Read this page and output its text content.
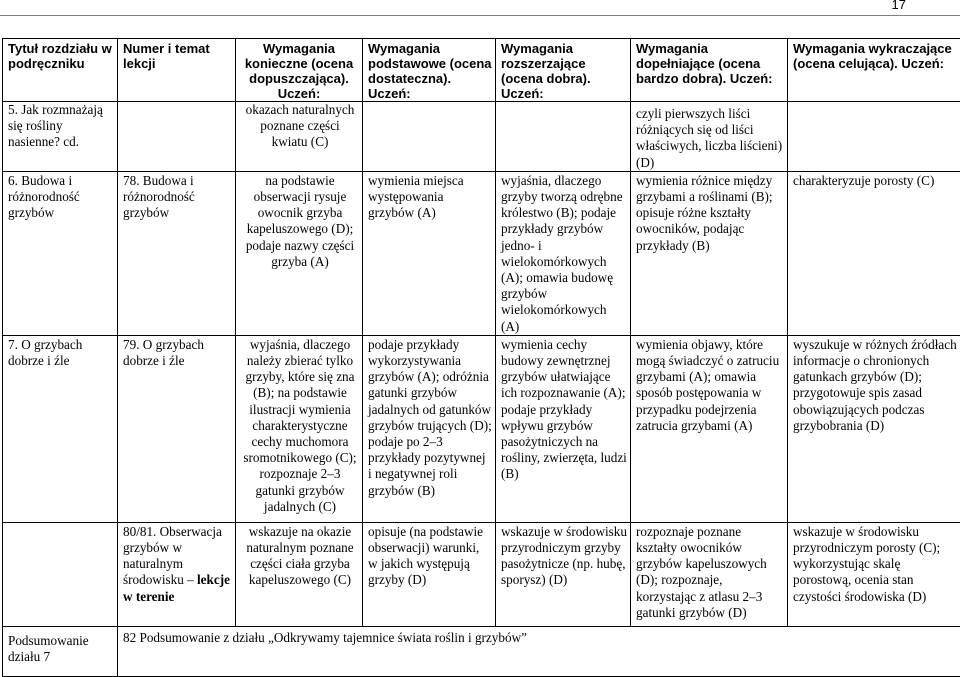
17
Tytuł rozdziału w podręczniku	Numer i temat lekcji	Wymagania konieczne (ocena dopuszczająca). Uczeń:	Wymagania podstawowe (ocena dostateczna). Uczeń:	Wymagania rozszerzające (ocena dobra). Uczeń:	Wymagania dopełniające (ocena bardzo dobra). Uczeń:	Wymagania wykraczające (ocena celująca). Uczeń:
5. Jak rozmnażają się rośliny nasienne? cd.		okazach naturalnych poznane części kwiatu (C)			czyli pierwszych liści różniących się od liści właściwych, liczba liścieni) (D)	
6. Budowa i różnorodność grzybów	78. Budowa i różnorodność grzybów	na podstawie obserwacji rysuje owocnik grzyba kapeluszowego (D); podaje nazwy części grzyba (A)	wymienia miejsca występowania grzybów (A)	wyjaśnia, dlaczego grzyby tworzą odrębne królestwo (B); podaje przykłady grzybów jedno- i wielokomórkowych (A); omawia budowę grzybów wielokomórkowych (A)	wymienia różnice między grzybami a roślinami (B); opisuje różne kształty owocników, podając przykłady (B)	charakteryzuje porosty (C)
7. O grzybach dobrze i źle	79. O grzybach dobrze i źle	wyjaśnia, dlaczego należy zbierać tylko grzyby, które się zna (B); na podstawie ilustracji wymienia charakterystyczne cechy muchomora sromotnikowego (C); rozpoznaje 2–3 gatunki grzybów jadalnych (C)	podaje przykłady wykorzystywania grzybów (A); odróżnia gatunki grzybów jadalnych od gatunków grzybów trujących (D); podaje po 2–3 przykłady pozytywnej i negatywnej roli grzybów (B)	wymienia cechy budowy zewnętrznej grzybów ułatwiające ich rozpoznawanie (A); podaje przykłady wpływu grzybów pasożytniczych na rośliny, zwierzęta, ludzi (B)	wymienia objawy, które mogą świadczyć o zatruciu grzybami (A); omawia sposób postępowania w przypadku podejrzenia zatrucia grzybami (A)	wyszukuje w różnych źródłach informacje o chronionych gatunkach grzybów (D); przygotowuje spis zasad obowiązujących podczas grzybobrania (D)
	80/81. Obserwacja grzybów w naturalnym środowisku – lekcje w terenie	wskazuje na okazie naturalnym poznane części ciała grzyba kapeluszowego (C)	opisuje (na podstawie obserwacji) warunki, w jakich występują grzyby (D)	wskazuje w środowisku przyrodniczym grzyby pasożytnicze (np. hubę, sporysz) (D)	rozpoznaje poznane kształty owocników grzybów kapeluszowych (D); rozpoznaje, korzystając z atlasu 2–3 gatunki grzybów (D)	wskazuje w środowisku przyrodniczym porosty (C); wykorzystując skalę porostową, ocenia stan czystości środowiska (D)
Podsumowanie działu 7	82 Podsumowanie z działu „Odkrywamy tajemnice świata roślin i grzybów”					
